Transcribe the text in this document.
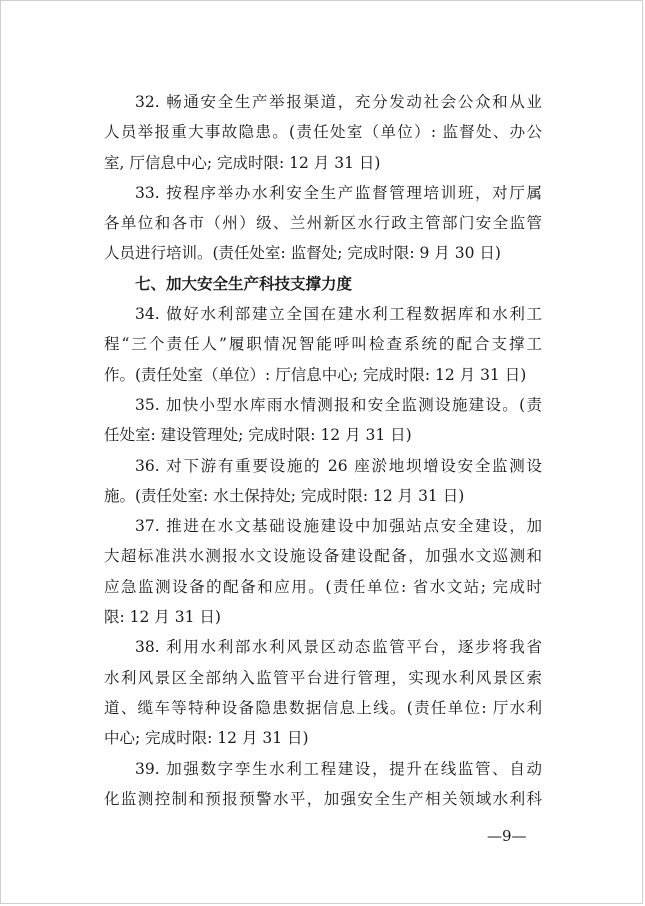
32. 畅通安全生产举报渠道，充分发动社会公众和从业
人员举报重大事故隐患。(责任处室（单位）: 监督处、办公
室, 厅信息中心; 完成时限: 12 月 31 日)
33. 按程序举办水利安全生产监督管理培训班，对厅属
各单位和各市（州）级、兰州新区水行政主管部门安全监管
人员进行培训。(责任处室: 监督处; 完成时限: 9 月 30 日)
七、加大安全生产科技支撑力度
34. 做好水利部建立全国在建水利工程数据库和水利工
程“三个责任人”履职情况智能呼叫检查系统的配合支撑工
作。(责任处室（单位）: 厅信息中心; 完成时限: 12 月 31 日)
35. 加快小型水库雨水情测报和安全监测设施建设。(责
任处室: 建设管理处; 完成时限: 12 月 31 日)
36. 对下游有重要设施的 26 座淤地坝增设安全监测设
施。(责任处室: 水土保持处; 完成时限: 12 月 31 日)
37. 推进在水文基础设施建设中加强站点安全建设，加
大超标准洪水测报水文设施设备建设配备，加强水文巡测和
应急监测设备的配备和应用。(责任单位: 省水文站; 完成时
限: 12 月 31 日)
38. 利用水利部水利风景区动态监管平台，逐步将我省
水利风景区全部纳入监管平台进行管理，实现水利风景区索
道、缆车等特种设备隐患数据信息上线。(责任单位: 厅水利
中心; 完成时限: 12 月 31 日)
39. 加强数字孪生水利工程建设，提升在线监管、自动
化监测控制和预报预警水平，加强安全生产相关领域水利科
—9—
